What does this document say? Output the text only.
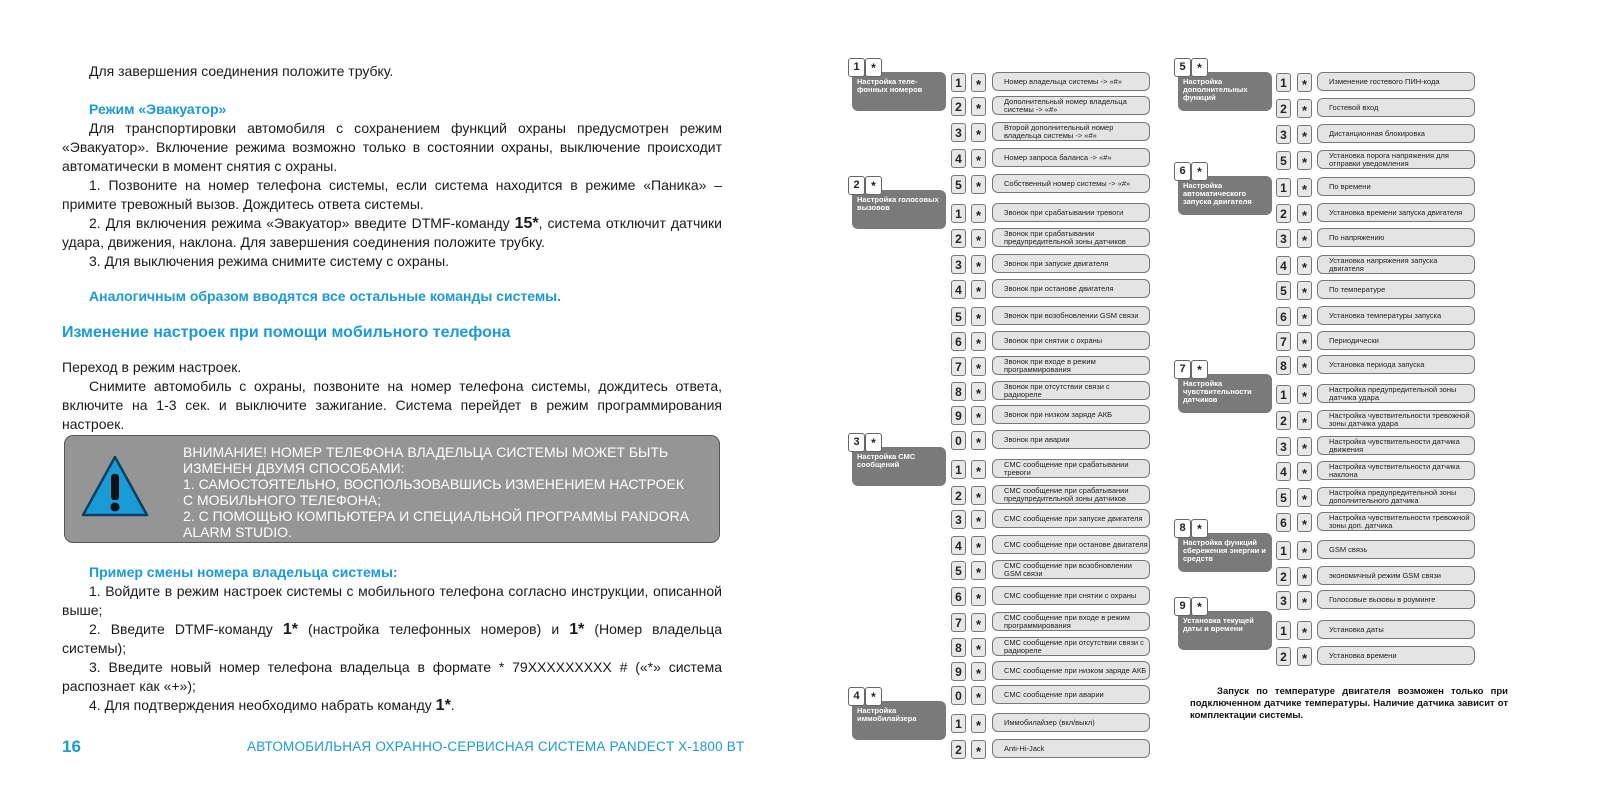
Для завершения соединения положите трубку.

Режим «Эвакуатор»

Для транспортировки автомобиля с сохранением функций охраны предусмотрен режим «Эвакуатор». Включение режима возможно только в состоянии охраны, выключение происходит автоматически в момент снятия с охраны.

1. Позвоните на номер телефона системы, если система находится в режиме «Паника» – примите тревожный вызов. Дождитесь ответа системы.

2. Для включения режима «Эвакуатор» введите DTMF-команду 15*, система отключит датчики удара, движения, наклона. Для завершения соединения положите трубку.

3. Для выключения режима снимите систему с охраны.

Аналогичным образом вводятся все остальные команды системы.

Изменение настроек при помощи мобильного телефона

Переход в режим настроек.

Снимите автомобиль с охраны, позвоните на номер телефона системы, дождитесь ответа, включите на 1-3 сек. и выключите зажигание. Система перейдет в режим программирования настроек.

ВНИМАНИЕ! НОМЕР ТЕЛЕФОНА ВЛАДЕЛЬЦА СИСТЕМЫ МОЖЕТ БЫТЬ
ИЗМЕНЕН ДВУМЯ СПОСОБАМИ:
1. САМОСТОЯТЕЛЬНО, ВОСПОЛЬЗОВАВШИСЬ ИЗМЕНЕНИЕМ НАСТРОЕК
С МОБИЛЬНОГО ТЕЛЕФОНА;
2. С ПОМОЩЬЮ КОМПЬЮТЕРА И СПЕЦИАЛЬНОЙ ПРОГРАММЫ PANDORA
ALARM STUDIO.

Пример смены номера владельца системы:

1. Войдите в режим настроек системы с мобильного телефона согласно инструкции, описанной выше;

2. Введите DTMF-команду 1* (настройка телефонных номеров) и 1* (Номер владельца системы);

3. Введите новый номер телефона владельца в формате * 79XXXXXXXXX # («*» система распознает как «+»);

4. Для подтверждения необходимо набрать команду 1*.

16	АВТОМОБИЛЬНАЯ ОХРАННО-СЕРВИСНАЯ СИСТЕМА PANDECT X-1800 BT
1 *
Настройка теле-фонных номеров	1	*	Номер владельца системы -> «#»
2	*	Дополнительный номер владельца системы -> «#»
3	*	Второй дополнительный номер владельца системы -> «#»
4	*	Номер запроса баланса -> «#»
5	*	Собственный номер системы -> «#»
2 *
Настройка голосовых вызовов	1	*	Звонок при срабатывании тревоги
2	*	Звонок при срабатывании предупредительной зоны датчиков
3	*	Звонок при запуске двигателя
4	*	Звонок при останове двигателя
5	*	Звонок при возобновлении GSM связи
6	*	Звонок при снятии с охраны
7	*	Звонок при входе в режим программирования
8	*	Звонок при отсутствии связи с радиореле
9	*	Звонок при низком заряде АКБ
0	*	Звонок при аварии
3 *
Настройка СМС сообщений	1	*	СМС сообщение при срабатывании тревоги
2	*	СМС сообщение при срабатывании предупредительной зоны датчиков
3	*	СМС сообщение при запуске двигателя
4	*	СМС сообщение при останове двигателя
5	*	СМС сообщение при возобновлении GSM связи
6	*	СМС сообщение при снятии с охраны
7	*	СМС сообщение при входе в режим программирования
8	*	СМС сообщение при отсутствии связи с радиореле
9	*	СМС сообщение при низком заряде АКБ
0	*	СМС сообщение при аварии
4 *
Настройка иммобилайзера	1	*	Иммобилайзер (вкл/выкл)
2	*	Anti-Hi-Jack
5 *
Настройка дополнительных функций
1	*	Изменение гостевого ПИН-кода
2	*	Гостевой вход
3	*	Дистанционная блокировка
5	*	Установка порога напряжения для отправки уведомления
6 *
Настройка автоматического запуска двигателя
1	*	По времени
2	*	Установка времени запуска двигателя
3	*	По напряжению
4	*	Установка напряжения запуска двигателя
5	*	По температуре
6	*	Установка температуры запуска
7	*	Периодически
8	*	Установка периода запуска
7 *
Настройка чувствительности датчиков	1	*	Настройка предупредительной зоны датчика удара
2	*	Настройка чувствительности тревожной зоны датчика удара
3	*	Настройка чувствительности датчика движения
4	*	Настройка чувствительности датчика наклона
5	*	Настройка предупредительной зоны дополнительного датчика
6	*	Настройка чувствительности тревожной зоны доп. датчика
8 *
Настройка функций сбережения энергии и средств
1	*	GSM связь
2	*	экономичный режим GSM связи
3	*	Голосовые вызовы в роуминге
9 *
Установка текущей даты и времени	1	*	Установка даты
2	*	Установка времени
Запуск по температуре двигателя возможен только при подключенном датчике температуры. Наличие датчика зависит от комплектации системы.
